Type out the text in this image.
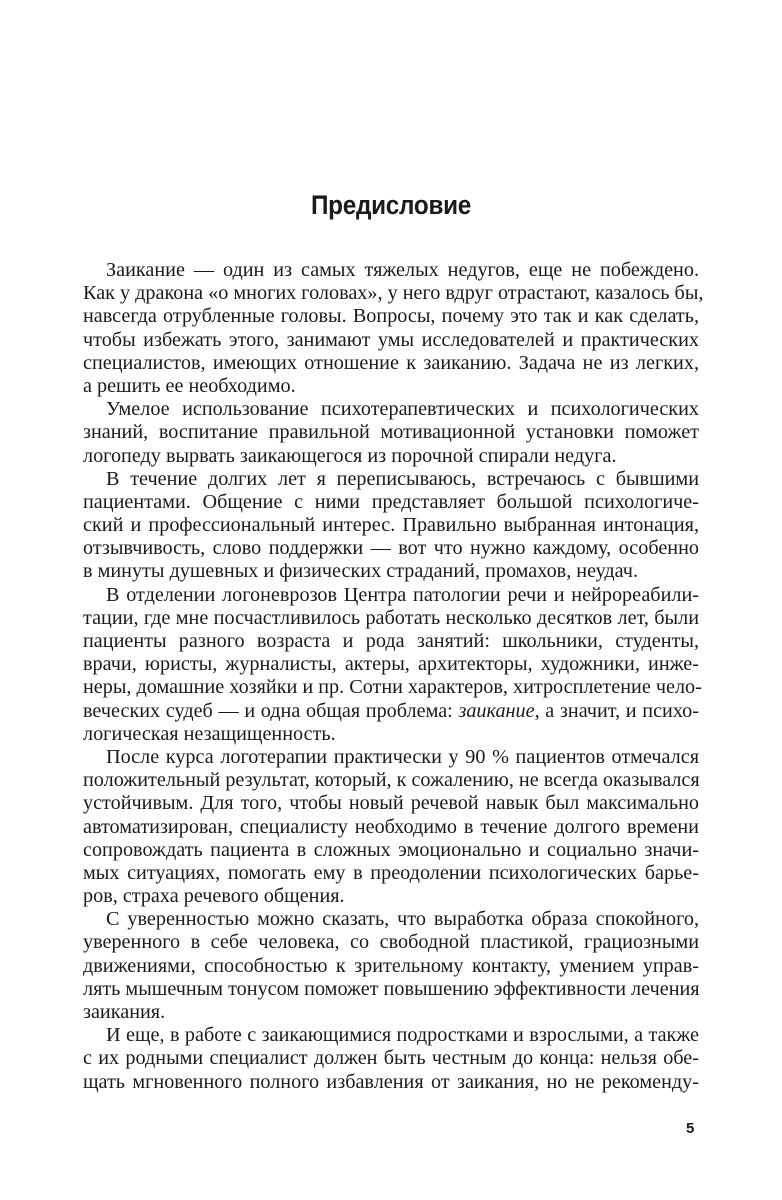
Предисловие
Заикание — один из самых тяжелых недугов, еще не побеждено.
Как у дракона «о многих головах», у него вдруг отрастают, казалось бы,
навсегда отрубленные головы. Вопросы, почему это так и как сделать,
чтобы избежать этого, занимают умы исследователей и практических
специалистов, имеющих отношение к заиканию. Задача не из легких,
а решить ее необходимо.
Умелое использование психотерапевтических и психологических
знаний, воспитание правильной мотивационной установки поможет
логопеду вырвать заикающегося из порочной спирали недуга.
В течение долгих лет я переписываюсь, встречаюсь с бывшими
пациентами. Общение с ними представляет большой психологиче-
ский и профессиональный интерес. Правильно выбранная интонация,
отзывчивость, слово поддержки — вот что нужно каждому, особенно
в минуты душевных и физических страданий, промахов, неудач.
В отделении логоневрозов Центра патологии речи и нейрореабили-
тации, где мне посчастливилось работать несколько десятков лет, были
пациенты разного возраста и рода занятий: школьники, студенты,
врачи, юристы, журналисты, актеры, архитекторы, художники, инже-
неры, домашние хозяйки и пр. Сотни характеров, хитросплетение чело-
веческих судеб — и одна общая проблема: заикание, а значит, и психо-
логическая незащищенность.
После курса логотерапии практически у 90 % пациентов отмечался
положительный результат, который, к сожалению, не всегда оказывался
устойчивым. Для того, чтобы новый речевой навык был максимально
автоматизирован, специалисту необходимо в течение долгого времени
сопровождать пациента в сложных эмоционально и социально значи-
мых ситуациях, помогать ему в преодолении психологических барье-
ров, страха речевого общения.
С уверенностью можно сказать, что выработка образа спокойного,
уверенного в себе человека, со свободной пластикой, грациозными
движениями, способностью к зрительному контакту, умением управ-
лять мышечным тонусом поможет повышению эффективности лечения
заикания.
И еще, в работе с заикающимися подростками и взрослыми, а также
с их родными специалист должен быть честным до конца: нельзя обе-
щать мгновенного полного избавления от заикания, но не рекоменду-
5
